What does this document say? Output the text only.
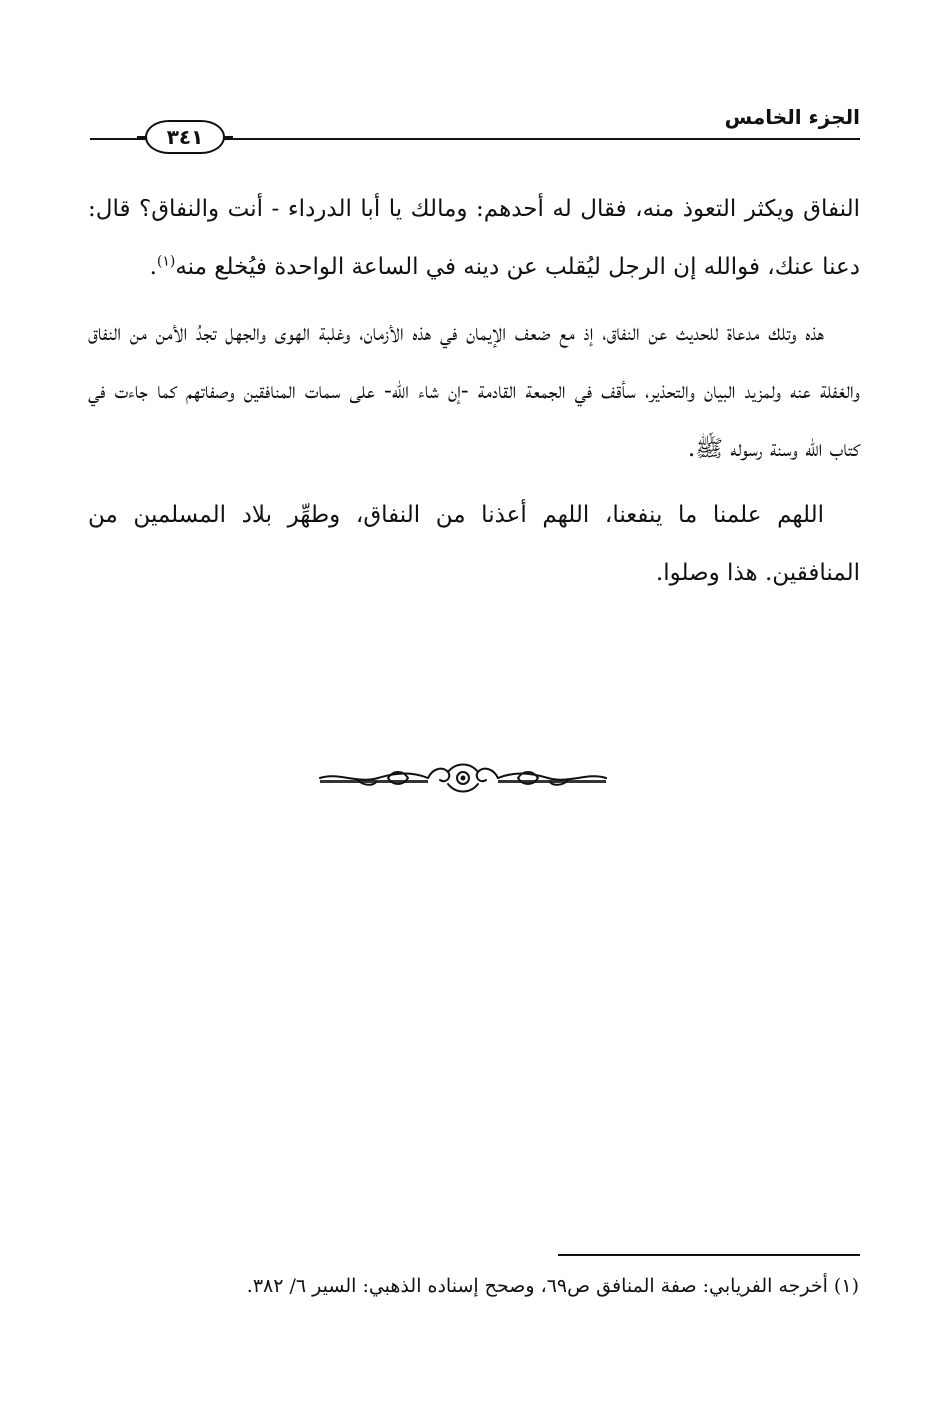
الجزء الخامس
٣٤١

النفاق ويكثر التعوذ منه، فقال له أحدهم: ومالك يا أبا الدرداء - أنت والنفاق؟ قال: دعنا عنك، فوالله إن الرجل ليُقلب عن دينه في الساعة الواحدة فيُخلع منه$^{(١)}$.

هذه وتلك مدعاة للحديث عن النفاق، إذ مع ضعف الإيمان في هذه الأزمان، وغلبة الهوى والجهل تجدُ الأمن من النفاق والغفلة عنه ولمزيد البيان والتحذير، سأقف في الجمعة القادمة -إن شاء الله- على سمات المنافقين وصفاتهم كما جاءت في كتاب الله وسنة رسوله ﷺ.

اللهم علمنا ما ينفعنا، اللهم أعذنا من النفاق، وطهِّر بلاد المسلمين من المنافقين. هذا وصلوا.

(١) أخرجه الفريابي: صفة المنافق ص٦٩، وصحح إسناده الذهبي: السير ٦/ ٣٨٢.
